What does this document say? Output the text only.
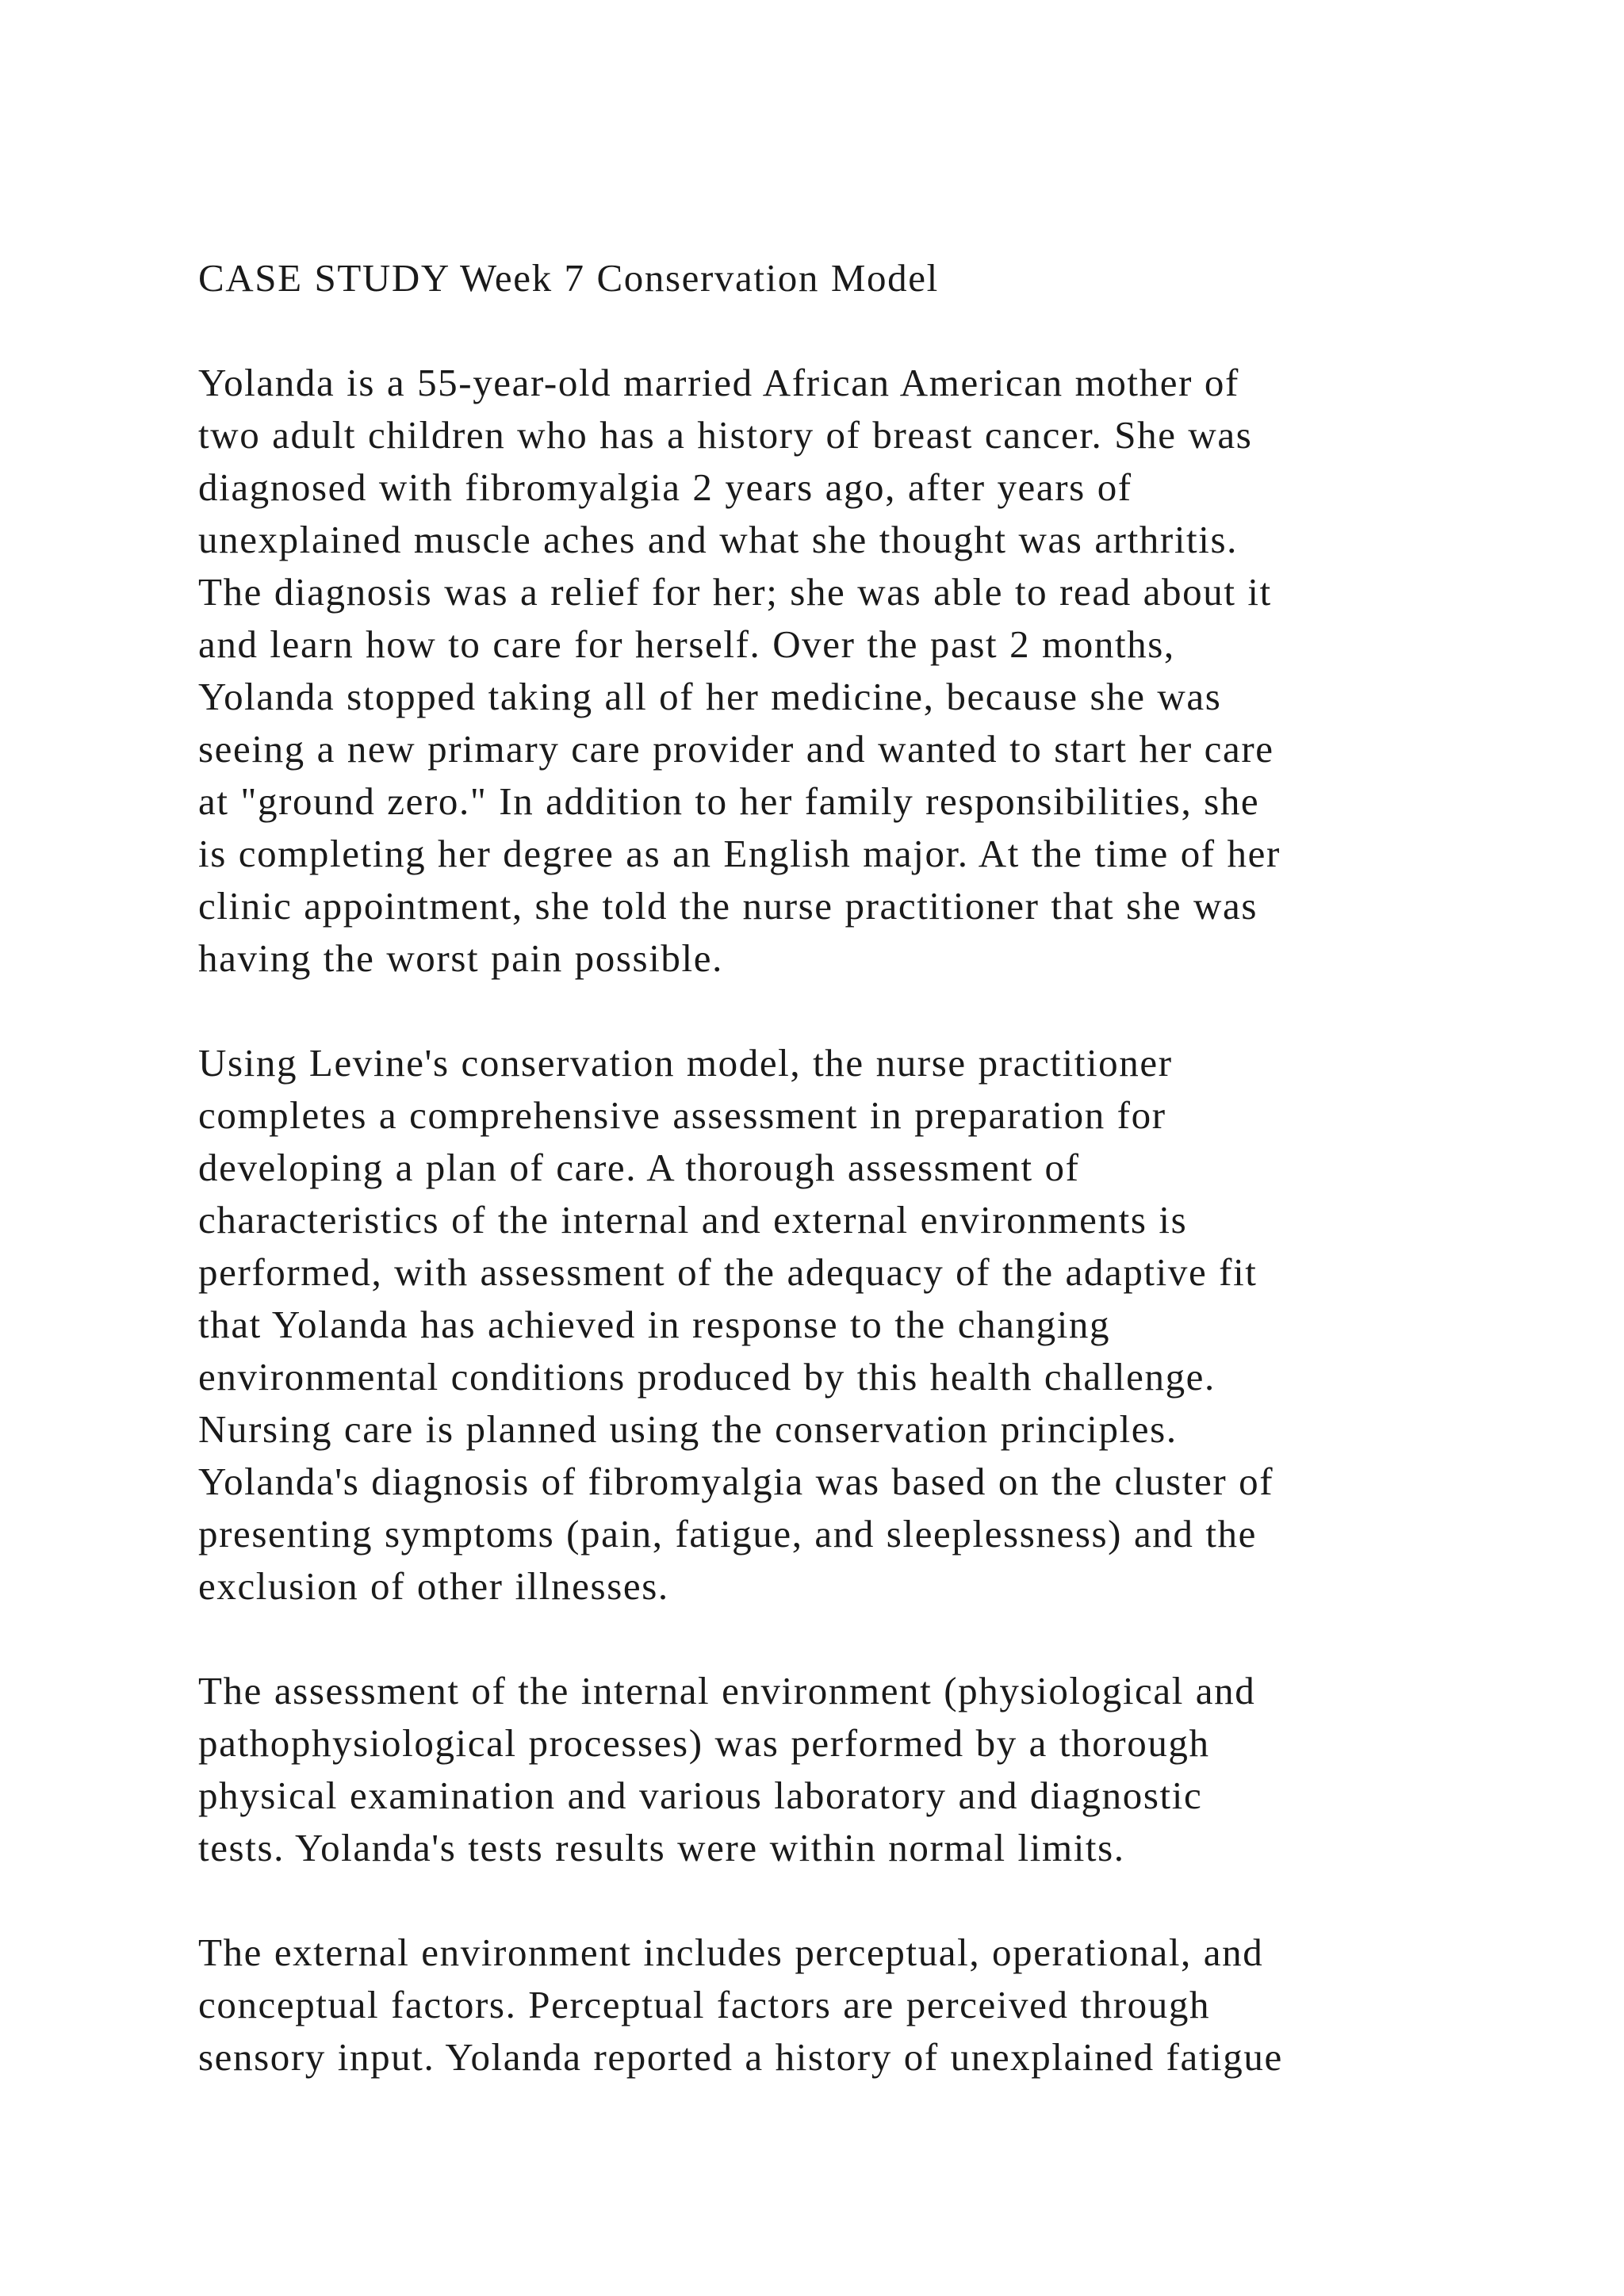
CASE STUDY Week 7 Conservation Model
Yolanda is a 55-year-old married African American mother of
two adult children who has a history of breast cancer. She was
diagnosed with fibromyalgia 2 years ago, after years of
unexplained muscle aches and what she thought was arthritis.
The diagnosis was a relief for her; she was able to read about it
and learn how to care for herself. Over the past 2 months,
Yolanda stopped taking all of her medicine, because she was
seeing a new primary care provider and wanted to start her care
at "ground zero." In addition to her family responsibilities, she
is completing her degree as an English major. At the time of her
clinic appointment, she told the nurse practitioner that she was
having the worst pain possible.
Using Levine's conservation model, the nurse practitioner
completes a comprehensive assessment in preparation for
developing a plan of care. A thorough assessment of
characteristics of the internal and external environments is
performed, with assessment of the adequacy of the adaptive fit
that Yolanda has achieved in response to the changing
environmental conditions produced by this health challenge.
Nursing care is planned using the conservation principles.
Yolanda's diagnosis of fibromyalgia was based on the cluster of
presenting symptoms (pain, fatigue, and sleeplessness) and the
exclusion of other illnesses.
The assessment of the internal environment (physiological and
pathophysiological processes) was performed by a thorough
physical examination and various laboratory and diagnostic
tests. Yolanda's tests results were within normal limits.
The external environment includes perceptual, operational, and
conceptual factors. Perceptual factors are perceived through
sensory input. Yolanda reported a history of unexplained fatigue
